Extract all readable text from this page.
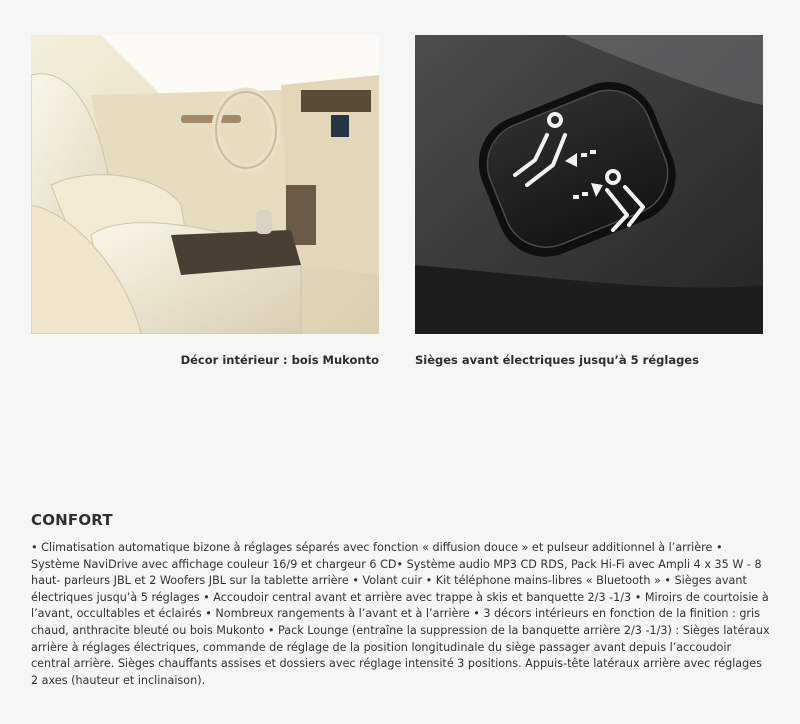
Décor intérieur : bois Mukonto	Sièges avant électriques jusqu’à 5 réglages
CONFORT
• Climatisation automatique bizone à réglages séparés avec fonction « diffusion douce » et pulseur additionnel à l’arrière • Système NaviDrive avec affichage couleur 16/9 et chargeur 6 CD• Système audio MP3 CD RDS, Pack Hi-Fi avec Ampli 4 x 35 W - 8 haut- parleurs JBL et 2 Woofers JBL sur la tablette arrière • Volant cuir • Kit téléphone mains-libres « Bluetooth » • Sièges avant électriques jusqu’à 5 réglages • Accoudoir central avant et arrière avec trappe à skis et banquette 2/3 -1/3 • Miroirs de courtoisie à l’avant, occultables et éclairés • Nombreux rangements à l’avant et à l’arrière • 3 décors intérieurs en fonction de la finition : gris chaud, anthracite bleuté ou bois Mukonto • Pack Lounge (entraîne la suppression de la banquette arrière 2/3 -1/3) : Sièges latéraux arrière à réglages électriques, commande de réglage de la position longitudinale du siège passager avant depuis l’accoudoir central arrière. Sièges chauffants assises et dossiers avec réglage intensité 3 positions. Appuis-tête latéraux arrière avec réglages 2 axes (hauteur et inclinaison).
